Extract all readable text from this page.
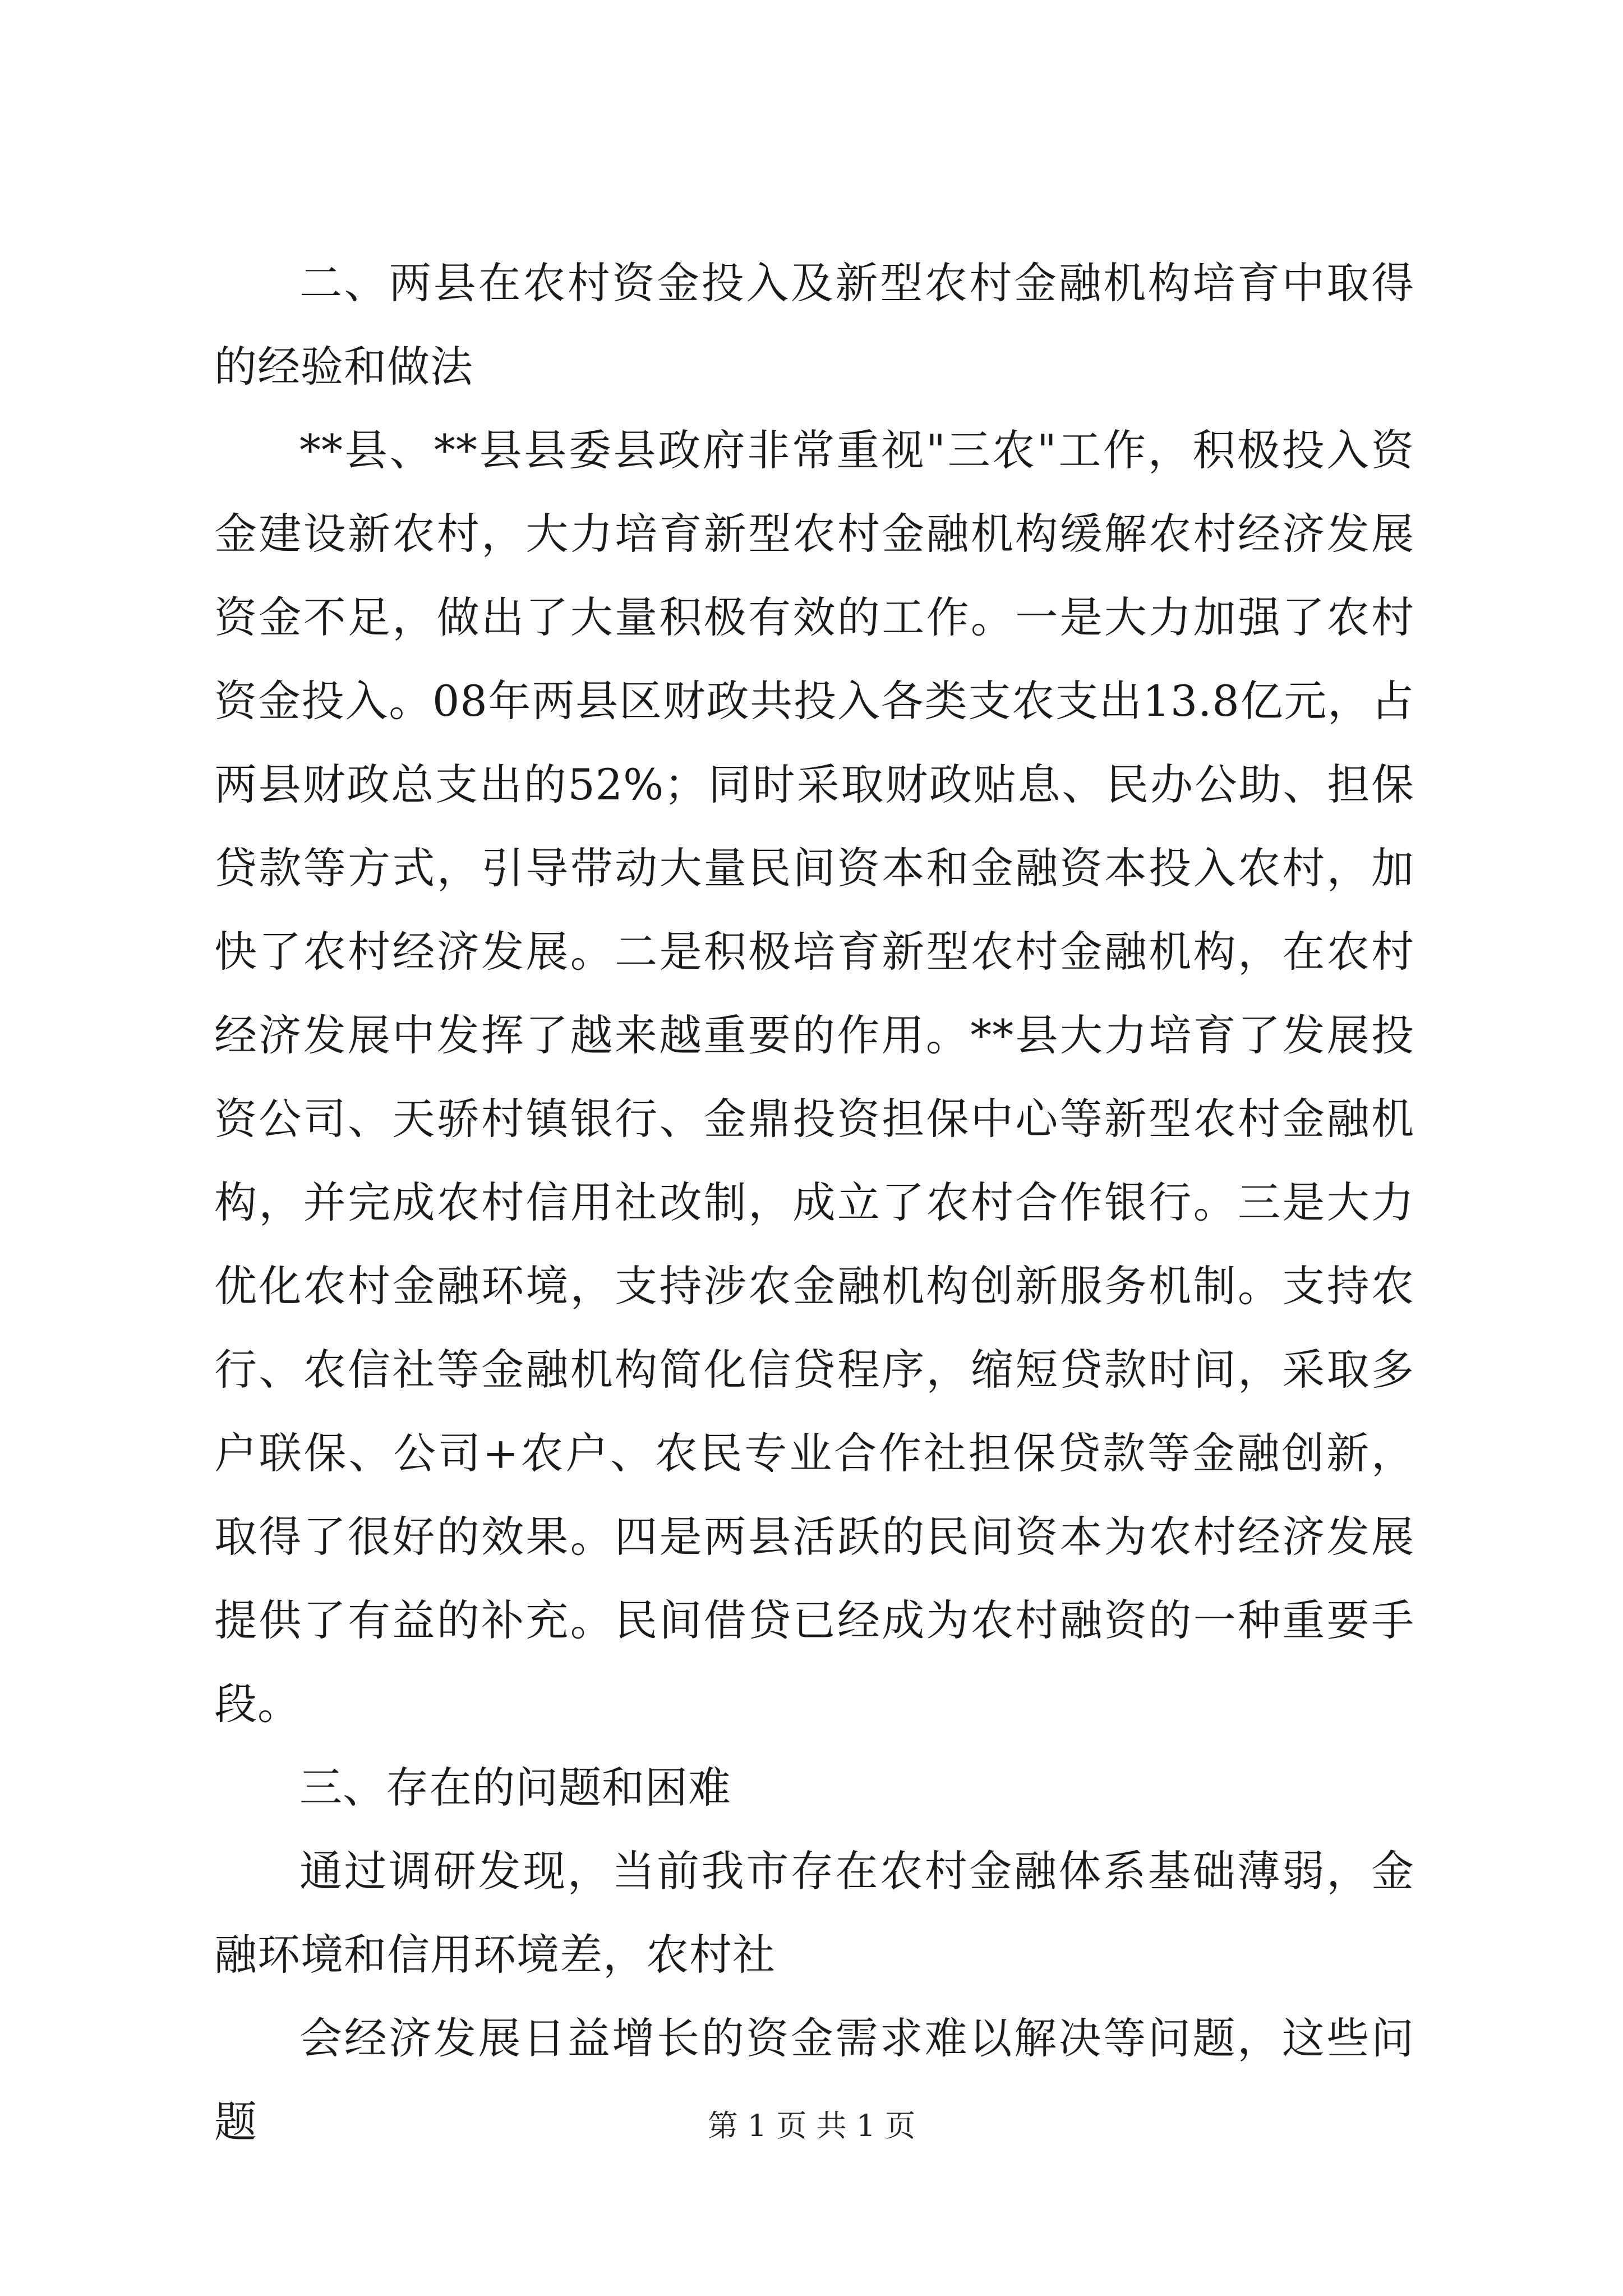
二、两县在农村资金投入及新型农村金融机构培育中取得的经验和做法

**县、**县县委县政府非常重视"三农"工作，积极投入资金建设新农村，大力培育新型农村金融机构缓解农村经济发展资金不足，做出了大量积极有效的工作。一是大力加强了农村资金投入。08年两县区财政共投入各类支农支出13.8亿元，占两县财政总支出的52%；同时采取财政贴息、民办公助、担保贷款等方式，引导带动大量民间资本和金融资本投入农村，加快了农村经济发展。二是积极培育新型农村金融机构，在农村经济发展中发挥了越来越重要的作用。**县大力培育了发展投资公司、天骄村镇银行、金鼎投资担保中心等新型农村金融机构，并完成农村信用社改制，成立了农村合作银行。三是大力优化农村金融环境，支持涉农金融机构创新服务机制。支持农行、农信社等金融机构简化信贷程序，缩短贷款时间，采取多户联保、公司+农户、农民专业合作社担保贷款等金融创新，取得了很好的效果。四是两县活跃的民间资本为农村经济发展提供了有益的补充。民间借贷已经成为农村融资的一种重要手段。

三、存在的问题和困难

通过调研发现，当前我市存在农村金融体系基础薄弱，金融环境和信用环境差，农村社

会经济发展日益增长的资金需求难以解决等问题，这些问题	第 1 页 共 1 页
